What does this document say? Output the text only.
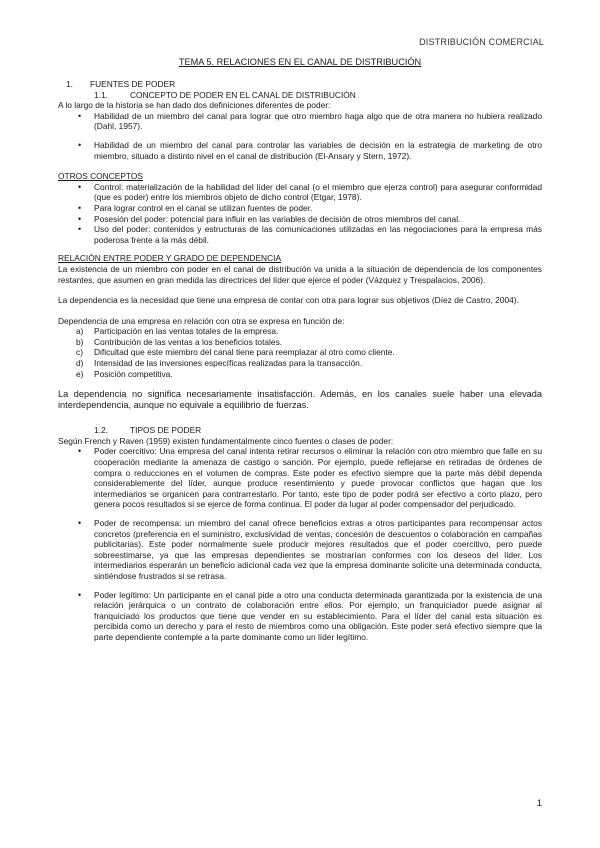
DISTRIBUCIÓN COMERCIAL
TEMA 5. RELACIONES EN EL CANAL DE DISTRIBUCIÓN
1.	FUENTES DE PODER
1.1.	CONCEPTO DE PODER EN EL CANAL DE DISTRIBUCIÓN

A lo largo de la historia se han dado dos definiciones diferentes de poder:

• Habilidad de un miembro del canal para lograr que otro miembro haga algo que de otra manera no hubiera realizado (Dahl, 1957).
• Habilidad de un miembro del canal para controlar las variables de decisión en la estrategia de marketing de otro miembro, situado a distinto nivel en el canal de distribución (El-Ansary y Stern, 1972).

OTROS CONCEPTOS

• Control: materialización de la habilidad del líder del canal (o el miembro que ejerza control) para asegurar conformidad (que es poder) entre los miembros objeto de dicho control (Etgar, 1978).
• Para lograr control en el canal se utilizan fuentes de poder.
• Posesión del poder: potencial para influir en las variables de decisión de otros miembros del canal.
• Uso del poder: contenidos y estructuras de las comunicaciones utilizadas en las negociaciones para la empresa más poderosa frente a la más débil.

RELACIÓN ENTRE PODER Y GRADO DE DEPENDENCIA

La existencia de un miembro con poder en el canal de distribución va unida a la situación de dependencia de los componentes restantes, que asumen en gran medida las directrices del líder que ejerce el poder (Vázquez y Trespalacios, 2006).

La dependencia es la necesidad que tiene una empresa de contar con otra para lograr sus objetivos (Díez de Castro, 2004).

Dependencia de una empresa en relación con otra se expresa en función de:

a)	Participación en las ventas totales de la empresa.
b)	Contribución de las ventas a los beneficios totales.
c)	Dificultad que este miembro del canal tiene para reemplazar al otro como cliente.
d)	Intensidad de las inversiones específicas realizadas para la transacción.
e)	Posición competitiva.

La dependencia no significa necesariamente insatisfacción. Además, en los canales suele haber una elevada interdependencia, aunque no equivale a equilibrio de fuerzas.

1.2.	TIPOS DE PODER

Según French y Raven (1959) existen fundamentalmente cinco fuentes o clases de poder:

• Poder coercitivo: Una empresa del canal intenta retirar recursos o eliminar la relación con otro miembro que falle en su cooperación mediante la amenaza de castigo o sanción. Por ejemplo, puede reflejarse en retiradas de órdenes de compra o reducciones en el volumen de compras. Este poder es efectivo siempre que la parte más débil dependa considerablemente del líder, aunque produce resentimiento y puede provocar conflictos que hagan que los intermediarios se organicen para contrarrestarlo. Por tanto, este tipo de poder podrá ser efectivo a corto plazo, pero genera pocos resultados si se ejerce de forma continua. El poder da lugar al poder compensador del perjudicado.
• Poder de recompensa: un miembro del canal ofrece beneficios extras a otros participantes para recompensar actos concretos (preferencia en el suministro, exclusividad de ventas, concesión de descuentos o colaboración en campañas publicitarias). Este poder normalmente suele producir mejores resultados que el poder coercitivo, pero puede sobreestimarse, ya que las empresas dependientes se mostrarían conformes con los deseos del líder. Los intermediarios esperarán un beneficio adicional cada vez que la empresa dominante solicite una determinada conducta, sintiéndose frustrados si se retrasa.
• Poder legítimo: Un participante en el canal pide a otro una conducta determinada garantizada por la existencia de una relación jerárquica o un contrato de colaboración entre ellos. Por ejemplo, un franquiciador puede asignar al franquiciado los productos que tiene que vender en su establecimiento. Para el líder del canal esta situación es percibida como un derecho y para el resto de miembros como una obligación. Este poder será efectivo siempre que la parte dependiente contemple a la parte dominante como un líder legítimo.
1
